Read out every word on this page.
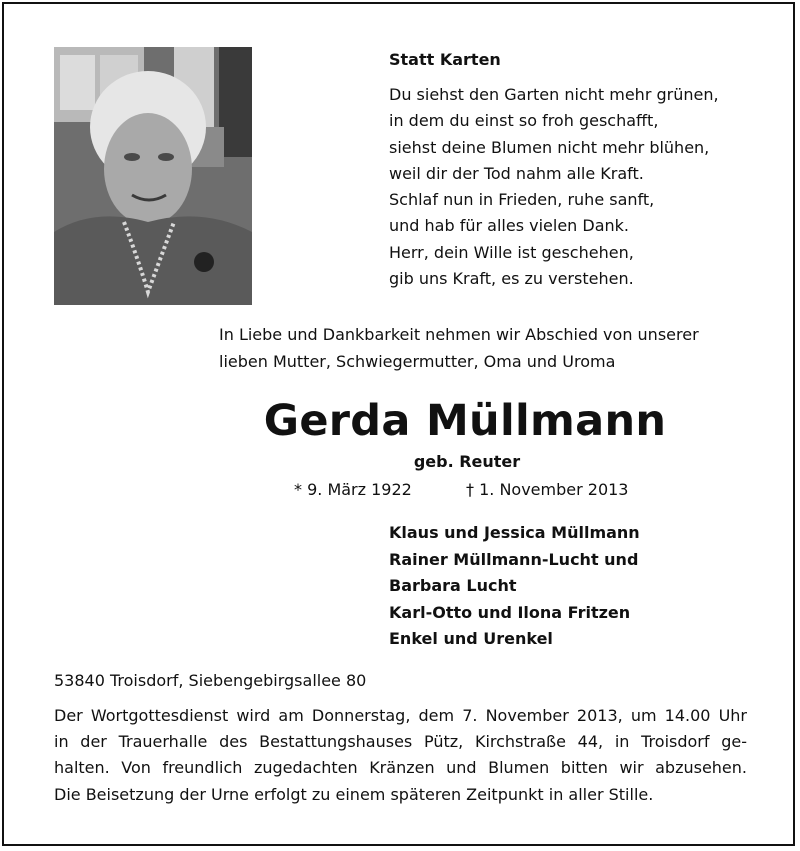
Statt Karten
Du siehst den Garten nicht mehr grünen,
in dem du einst so froh geschafft,
siehst deine Blumen nicht mehr blühen,
weil dir der Tod nahm alle Kraft.
Schlaf nun in Frieden, ruhe sanft,
und hab für alles vielen Dank.
Herr, dein Wille ist geschehen,
gib uns Kraft, es zu verstehen.
In Liebe und Dankbarkeit nehmen wir Abschied von unserer
lieben Mutter, Schwiegermutter, Oma und Uroma
Gerda Müllmann
geb. Reuter
* 9. März 1922	† 1. November 2013
Klaus und Jessica Müllmann
Rainer Müllmann-Lucht und
Barbara Lucht
Karl-Otto und Ilona Fritzen
Enkel und Urenkel
53840 Troisdorf, Siebengebirgsallee 80
Der Wortgottesdienst wird am Donnerstag, dem 7. November 2013, um 14.00 Uhr
in der Trauerhalle des Bestattungshauses Pütz, Kirchstraße 44, in Troisdorf ge-
halten. Von freundlich zugedachten Kränzen und Blumen bitten wir abzusehen.
Die Beisetzung der Urne erfolgt zu einem späteren Zeitpunkt in aller Stille.
